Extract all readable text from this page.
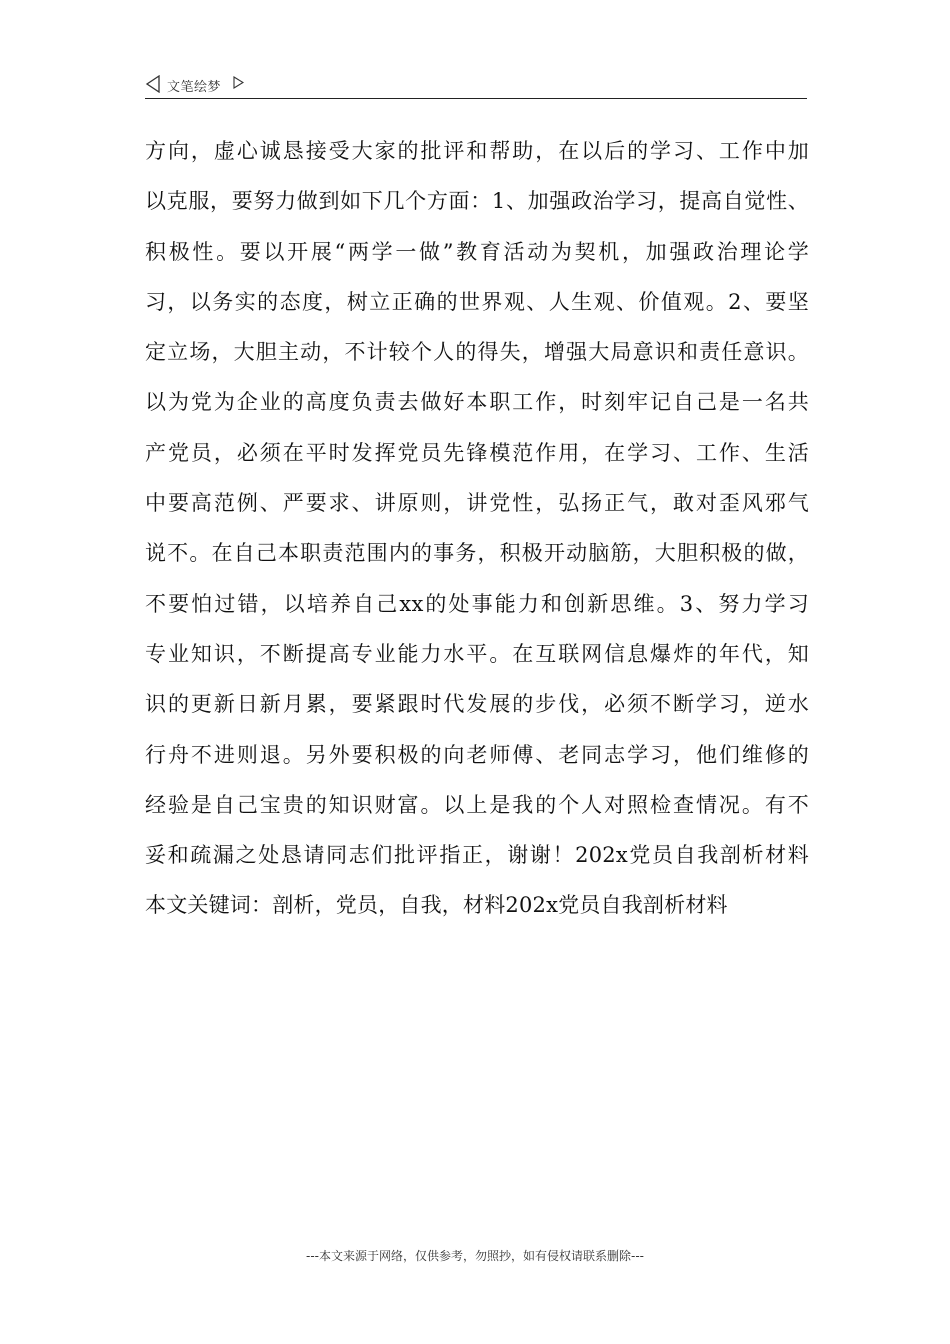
文笔绘梦
方向，虚心诚恳接受大家的批评和帮助，在以后的学习、工作中加
以克服，要努力做到如下几个方面：1、加强政治学习，提高自觉性、
积极性。要以开展“两学一做”教育活动为契机，加强政治理论学
习，以务实的态度，树立正确的世界观、人生观、价值观。2、要坚
定立场，大胆主动，不计较个人的得失，增强大局意识和责任意识。
以为党为企业的高度负责去做好本职工作，时刻牢记自己是一名共
产党员，必须在平时发挥党员先锋模范作用，在学习、工作、生活
中要高范例、严要求、讲原则，讲党性，弘扬正气，敢对歪风邪气
说不。在自己本职责范围内的事务，积极开动脑筋，大胆积极的做，
不要怕过错，以培养自己xx的处事能力和创新思维。3、努力学习
专业知识，不断提高专业能力水平。在互联网信息爆炸的年代，知
识的更新日新月累，要紧跟时代发展的步伐，必须不断学习，逆水
行舟不进则退。另外要积极的向老师傅、老同志学习，他们维修的
经验是自己宝贵的知识财富。以上是我的个人对照检查情况。有不
妥和疏漏之处恳请同志们批评指正，谢谢！202x党员自我剖析材料
本文关键词：剖析，党员，自我，材料202x党员自我剖析材料
---本文来源于网络，仅供参考，勿照抄，如有侵权请联系删除---
